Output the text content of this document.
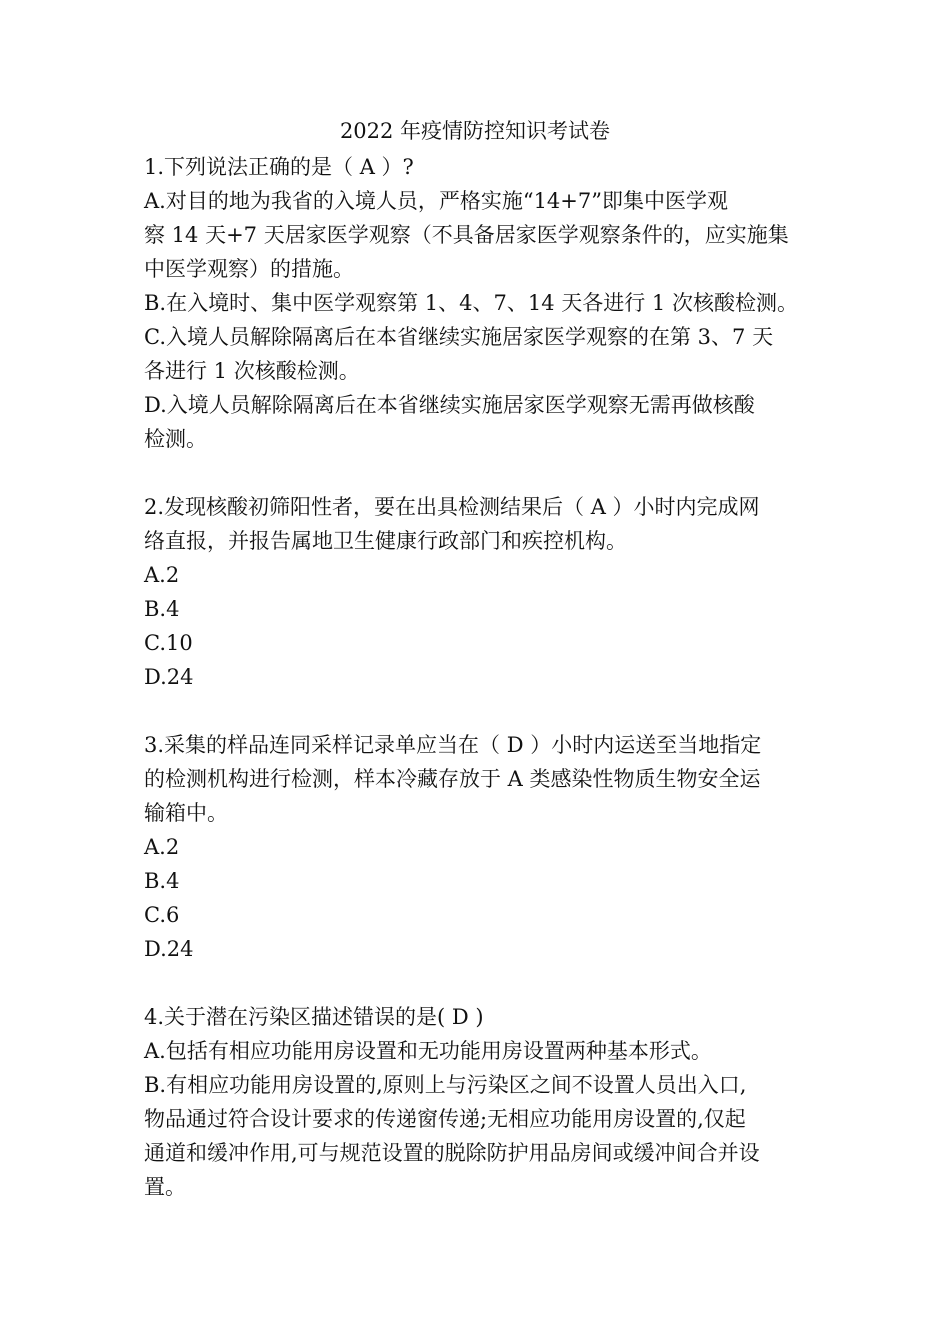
2022 年疫情防控知识考试卷
1.下列说法正确的是（ A ）?
A.对目的地为我省的入境人员，严格实施“14+7”即集中医学观
察 14 天+7 天居家医学观察（不具备居家医学观察条件的，应实施集
中医学观察）的措施。
B.在入境时、集中医学观察第 1、4、7、14 天各进行 1 次核酸检测。
C.入境人员解除隔离后在本省继续实施居家医学观察的在第 3、7 天
各进行 1 次核酸检测。
D.入境人员解除隔离后在本省继续实施居家医学观察无需再做核酸
检测。
2.发现核酸初筛阳性者，要在出具检测结果后（ A ）小时内完成网
络直报，并报告属地卫生健康行政部门和疾控机构。
A.2
B.4
C.10
D.24
3.采集的样品连同采样记录单应当在（ D ）小时内运送至当地指定
的检测机构进行检测，样本冷藏存放于 A 类感染性物质生物安全运
输箱中。
A.2
B.4
C.6
D.24
4.关于潜在污染区描述错误的是( D )
A.包括有相应功能用房设置和无功能用房设置两种基本形式。
B.有相应功能用房设置的,原则上与污染区之间不设置人员出入口,
物品通过符合设计要求的传递窗传递;无相应功能用房设置的,仅起
通道和缓冲作用,可与规范设置的脱除防护用品房间或缓冲间合并设
置。
